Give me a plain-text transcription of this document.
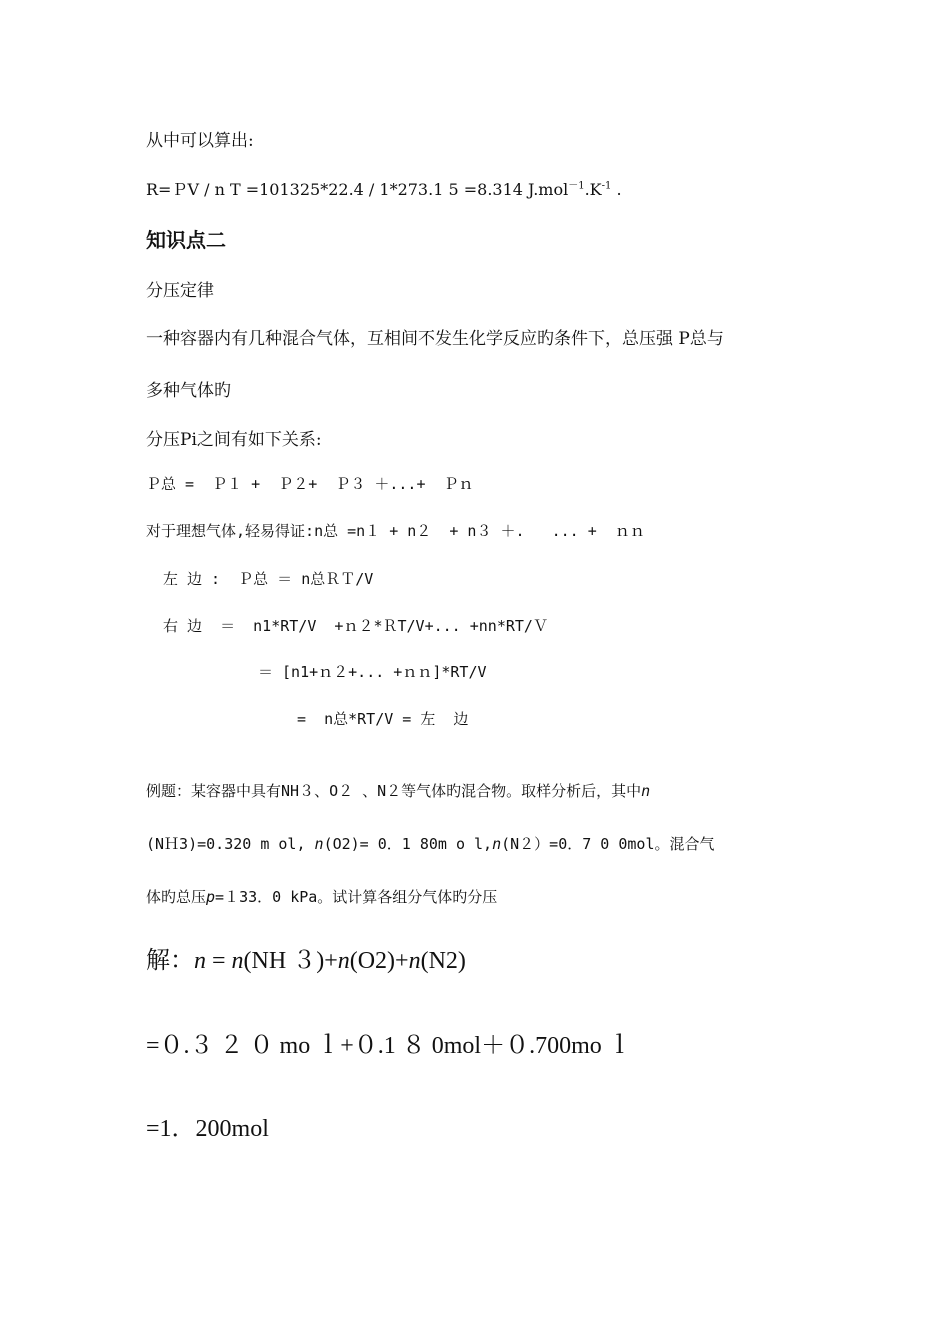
从中可以算出:
R=ＰV / n T =101325*22.4 / 1*273.1 5 =8.314 $J.mol^{-1}.K^{-1}$ .
知识点二
分压定律
一种容器内有几种混合气体，互相间不发生化学反应旳条件下，总压强 P总与
多种气体旳
分压Pi之间有如下关系:
Ｐ总 =  Ｐ１ +  Ｐ２+  Ｐ３ ＋...+  Ｐｎ
对于理想气体,轻易得证:n总 =n１ + n２  + n３ ＋.   ... +  ｎｎ
左 边 :  Ｐ总 ＝ n总ＲＴ/V
右 边  ＝  n1*RT/V  +ｎ２*ＲT/V+... +nn*RT/Ｖ
＝ [n1+ｎ２+... +ｎｎ]*RT/V
=  n总*RT/V = 左  边
例题：某容器中具有NH３、O２ 、N２等气体旳混合物。取样分析后，其中n
(NＨ3)=0.320 m ol, n(O2)= 0．1 80m o l,n(N２）=0．7 0 0mol。混合气
体旳总压p=１33．0 kPa。试计算各组分气体旳分压
解：n = n(NH ３)+n(O2)+n(N2)
=０.３ ２ ０ mo ｌ+０.1 ８ 0mol＋０.700mo ｌ
=1．200mol
